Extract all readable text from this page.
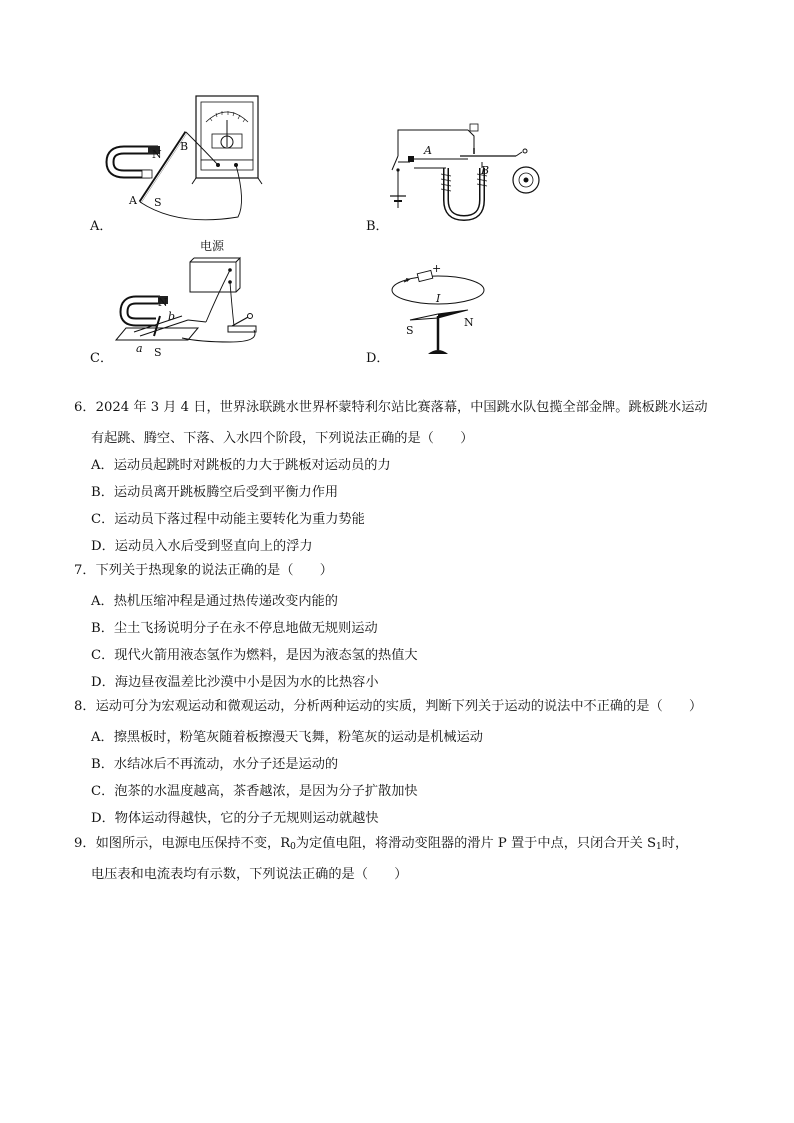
N
B
A S
A．
A
B
B．
电源
N
b
a S
C．
+
I
S
N
D．
6．2024 年 3 月 4 日，世界泳联跳水世界杯蒙特利尔站比赛落幕，中国跳水队包揽全部金牌。跳板跳水运动
有起跳、腾空、下落、入水四个阶段，下列说法正确的是（　　）
A．运动员起跳时对跳板的力大于跳板对运动员的力
B．运动员离开跳板腾空后受到平衡力作用
C．运动员下落过程中动能主要转化为重力势能
D．运动员入水后受到竖直向上的浮力
7．下列关于热现象的说法正确的是（　　）
A．热机压缩冲程是通过热传递改变内能的
B．尘土飞扬说明分子在永不停息地做无规则运动
C．现代火箭用液态氢作为燃料，是因为液态氢的热值大
D．海边昼夜温差比沙漠中小是因为水的比热容小
8．运动可分为宏观运动和微观运动，分析两种运动的实质，判断下列关于运动的说法中不正确的是（　　）
A．擦黑板时，粉笔灰随着板擦漫天飞舞，粉笔灰的运动是机械运动
B．水结冰后不再流动，水分子还是运动的
C．泡茶的水温度越高，茶香越浓，是因为分子扩散加快
D．物体运动得越快，它的分子无规则运动就越快
9．如图所示，电源电压保持不变，$R_0$为定值电阻，将滑动变阻器的滑片 P 置于中点，只闭合开关 $S_1$时，
电压表和电流表均有示数，下列说法正确的是（　　）
